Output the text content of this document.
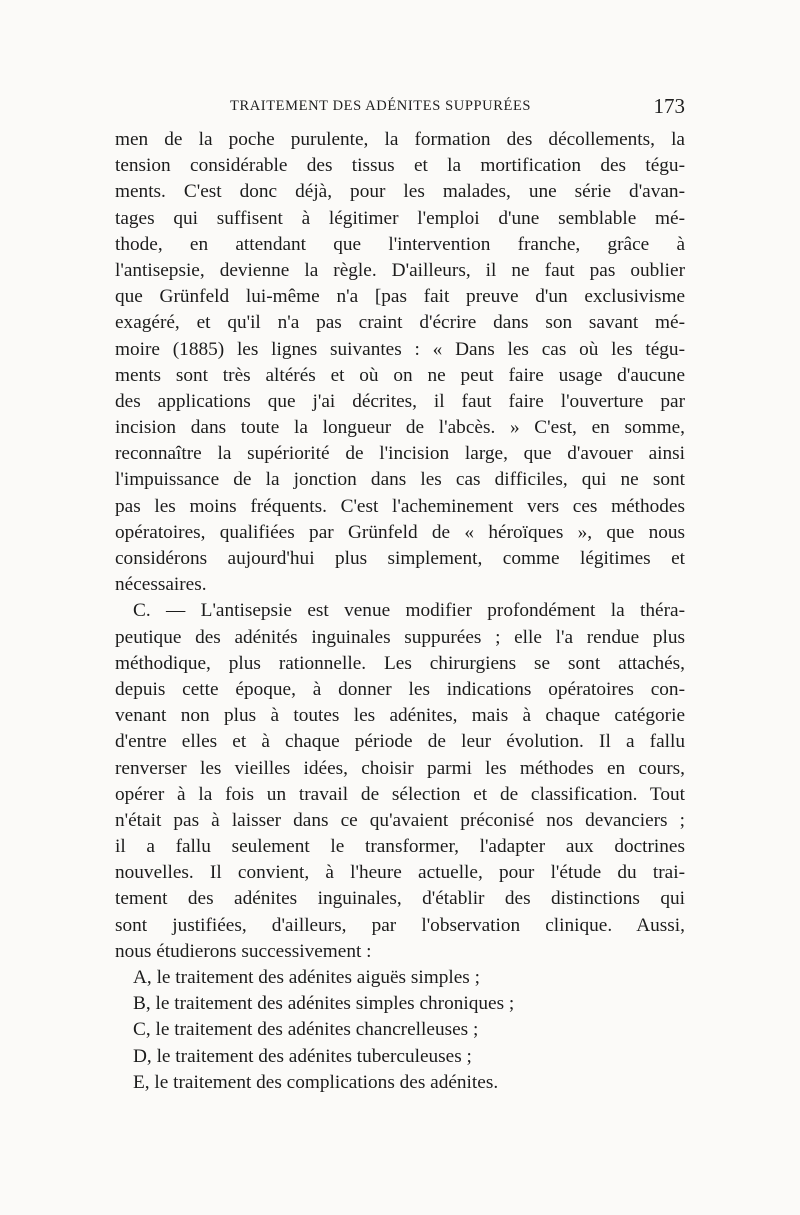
TRAITEMENT DES ADÉNITES SUPPURÉES	173
men de la poche purulente, la formation des décollements, la
tension considérable des tissus et la mortification des tégu-
ments. C'est donc déjà, pour les malades, une série d'avan-
tages qui suffisent à légitimer l'emploi d'une semblable mé-
thode, en attendant que l'intervention franche, grâce à
l'antisepsie, devienne la règle. D'ailleurs, il ne faut pas oublier
que Grünfeld lui-même n'a [pas fait preuve d'un exclusivisme
exagéré, et qu'il n'a pas craint d'écrire dans son savant mé-
moire (1885) les lignes suivantes : « Dans les cas où les tégu-
ments sont très altérés et où on ne peut faire usage d'aucune
des applications que j'ai décrites, il faut faire l'ouverture par
incision dans toute la longueur de l'abcès. » C'est, en somme,
reconnaître la supériorité de l'incision large, que d'avouer ainsi
l'impuissance de la jonction dans les cas difficiles, qui ne sont
pas les moins fréquents. C'est l'acheminement vers ces méthodes
opératoires, qualifiées par Grünfeld de « héroïques », que nous
considérons aujourd'hui plus simplement, comme légitimes et
nécessaires.
C. — L'antisepsie est venue modifier profondément la théra-
peutique des adénités inguinales suppurées ; elle l'a rendue plus
méthodique, plus rationnelle. Les chirurgiens se sont attachés,
depuis cette époque, à donner les indications opératoires con-
venant non plus à toutes les adénites, mais à chaque catégorie
d'entre elles et à chaque période de leur évolution. Il a fallu
renverser les vieilles idées, choisir parmi les méthodes en cours,
opérer à la fois un travail de sélection et de classification. Tout
n'était pas à laisser dans ce qu'avaient préconisé nos devanciers ;
il a fallu seulement le transformer, l'adapter aux doctrines
nouvelles. Il convient, à l'heure actuelle, pour l'étude du trai-
tement des adénites inguinales, d'établir des distinctions qui
sont justifiées, d'ailleurs, par l'observation clinique. Aussi,
nous étudierons successivement :
A, le traitement des adénites aiguës simples ;
B, le traitement des adénites simples chroniques ;
C, le traitement des adénites chancrelleuses ;
D, le traitement des adénites tuberculeuses ;
E, le traitement des complications des adénites.
